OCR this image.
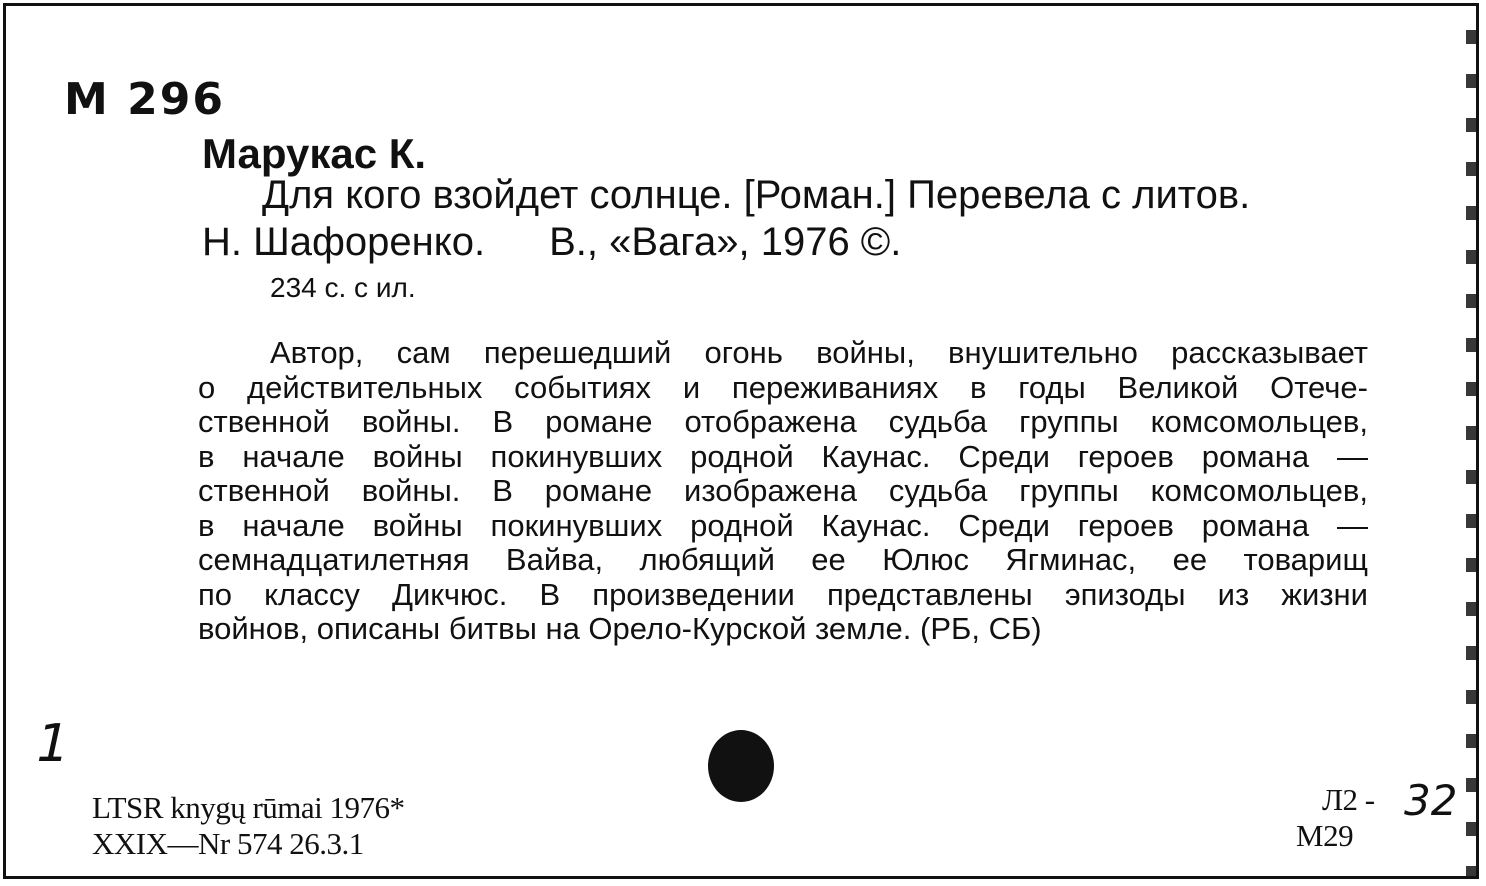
М 296
Марукас К.
Для кого взойдет солнце. [Роман.] Перевела с литов.
Н. Шафоренко. В., «Вага», 1976 ©.
234 с. с ил.
Автор, сам перешедший огонь войны, внушительно рассказывает
о действительных событиях и переживаниях в годы Великой Отече-
ственной войны. В романе отображена судьба группы комсомольцев,
в начале войны покинувших родной Каунас. Среди героев романа —
ственной войны. В романе изображена судьба группы комсомольцев,
в начале войны покинувших родной Каунас. Среди героев романа —
семнадцатилетняя Вайва, любящий ее Юлюс Ягминас, ее товарищ
по классу Дикчюс. В произведении представлены эпизоды из жизни
войнов, описаны битвы на Орело-Курской земле. (РБ, СБ)
1
LTSR knygų rūmai 1976*
XXIX—Nr 574 26.3.1
Л2 -
М29
32
